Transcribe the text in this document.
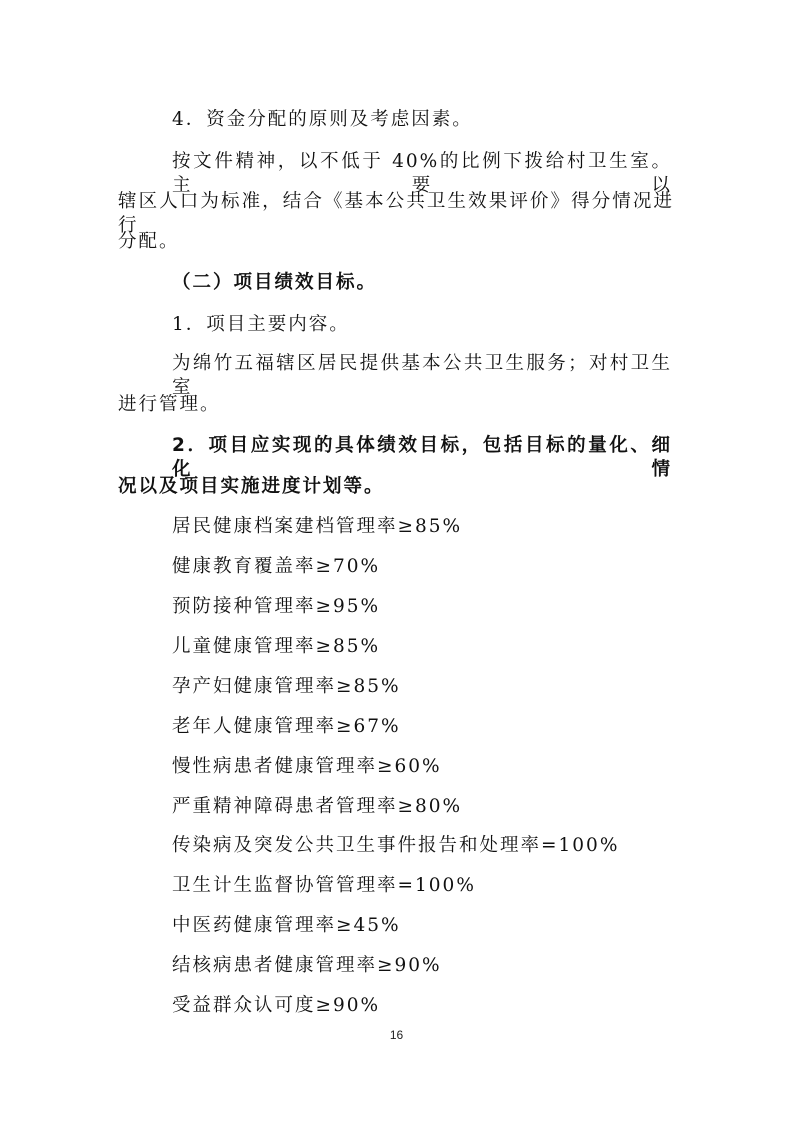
4．资金分配的原则及考虑因素。
按文件精神，以不低于 40%的比例下拨给村卫生室。主要以
辖区人口为标准，结合《基本公共卫生效果评价》得分情况进行
分配。
（二）项目绩效目标。
1．项目主要内容。
为绵竹五福辖区居民提供基本公共卫生服务；对村卫生室
进行管理。
2．项目应实现的具体绩效目标，包括目标的量化、细化情
况以及项目实施进度计划等。
居民健康档案建档管理率≥85%
健康教育覆盖率≥70%
预防接种管理率≥95%
儿童健康管理率≥85%
孕产妇健康管理率≥85%
老年人健康管理率≥67%
慢性病患者健康管理率≥60%
严重精神障碍患者管理率≥80%
传染病及突发公共卫生事件报告和处理率=100%
卫生计生监督协管管理率=100%
中医药健康管理率≥45%
结核病患者健康管理率≥90%
受益群众认可度≥90%
16
